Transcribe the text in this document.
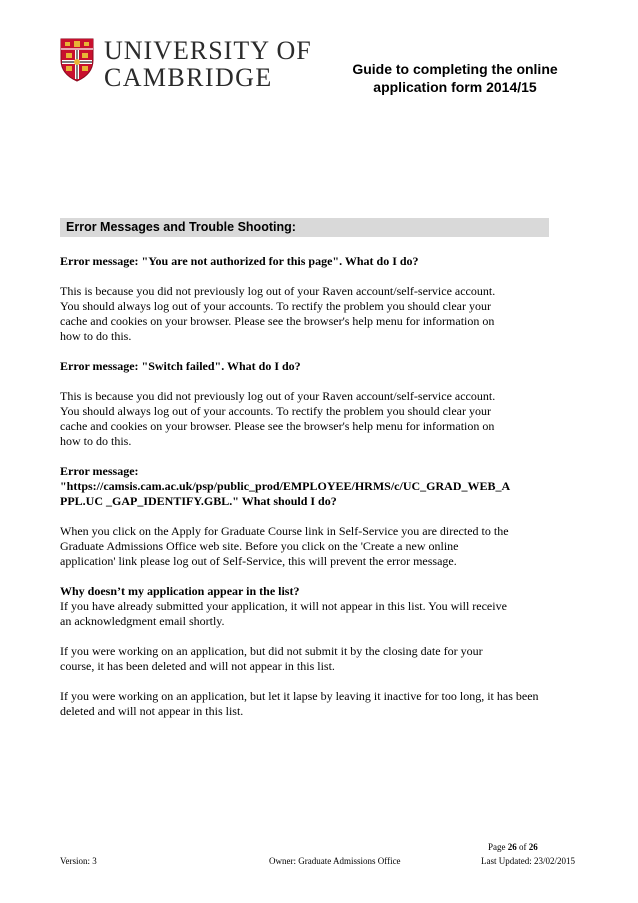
UNIVERSITY OF
CAMBRIDGE	Guide to completing the online
application form 2014/15
Error Messages and Trouble Shooting:
Error message: "You are not authorized for this page". What do I do?
This is because you did not previously log out of your Raven account/self-service account.
You should always log out of your accounts. To rectify the problem you should clear your
cache and cookies on your browser. Please see the browser's help menu for information on
how to do this.
Error message: "Switch failed". What do I do?
This is because you did not previously log out of your Raven account/self-service account.
You should always log out of your accounts. To rectify the problem you should clear your
cache and cookies on your browser. Please see the browser's help menu for information on
how to do this.
Error message:
"https://camsis.cam.ac.uk/psp/public_prod/EMPLOYEE/HRMS/c/UC_GRAD_WEB_A
PPL.UC _GAP_IDENTIFY.GBL." What should I do?
When you click on the Apply for Graduate Course link in Self-Service you are directed to the
Graduate Admissions Office web site. Before you click on the 'Create a new online
application' link please log out of Self-Service, this will prevent the error message.
Why doesn’t my application appear in the list?
If you have already submitted your application, it will not appear in this list. You will receive
an acknowledgment email shortly.
If you were working on an application, but did not submit it by the closing date for your
course, it has been deleted and will not appear in this list.
If you were working on an application, but let it lapse by leaving it inactive for too long, it has been
deleted and will not appear in this list.
Page 26 of 26
Version: 3	Owner: Graduate Admissions Office	Last Updated: 23/02/2015
